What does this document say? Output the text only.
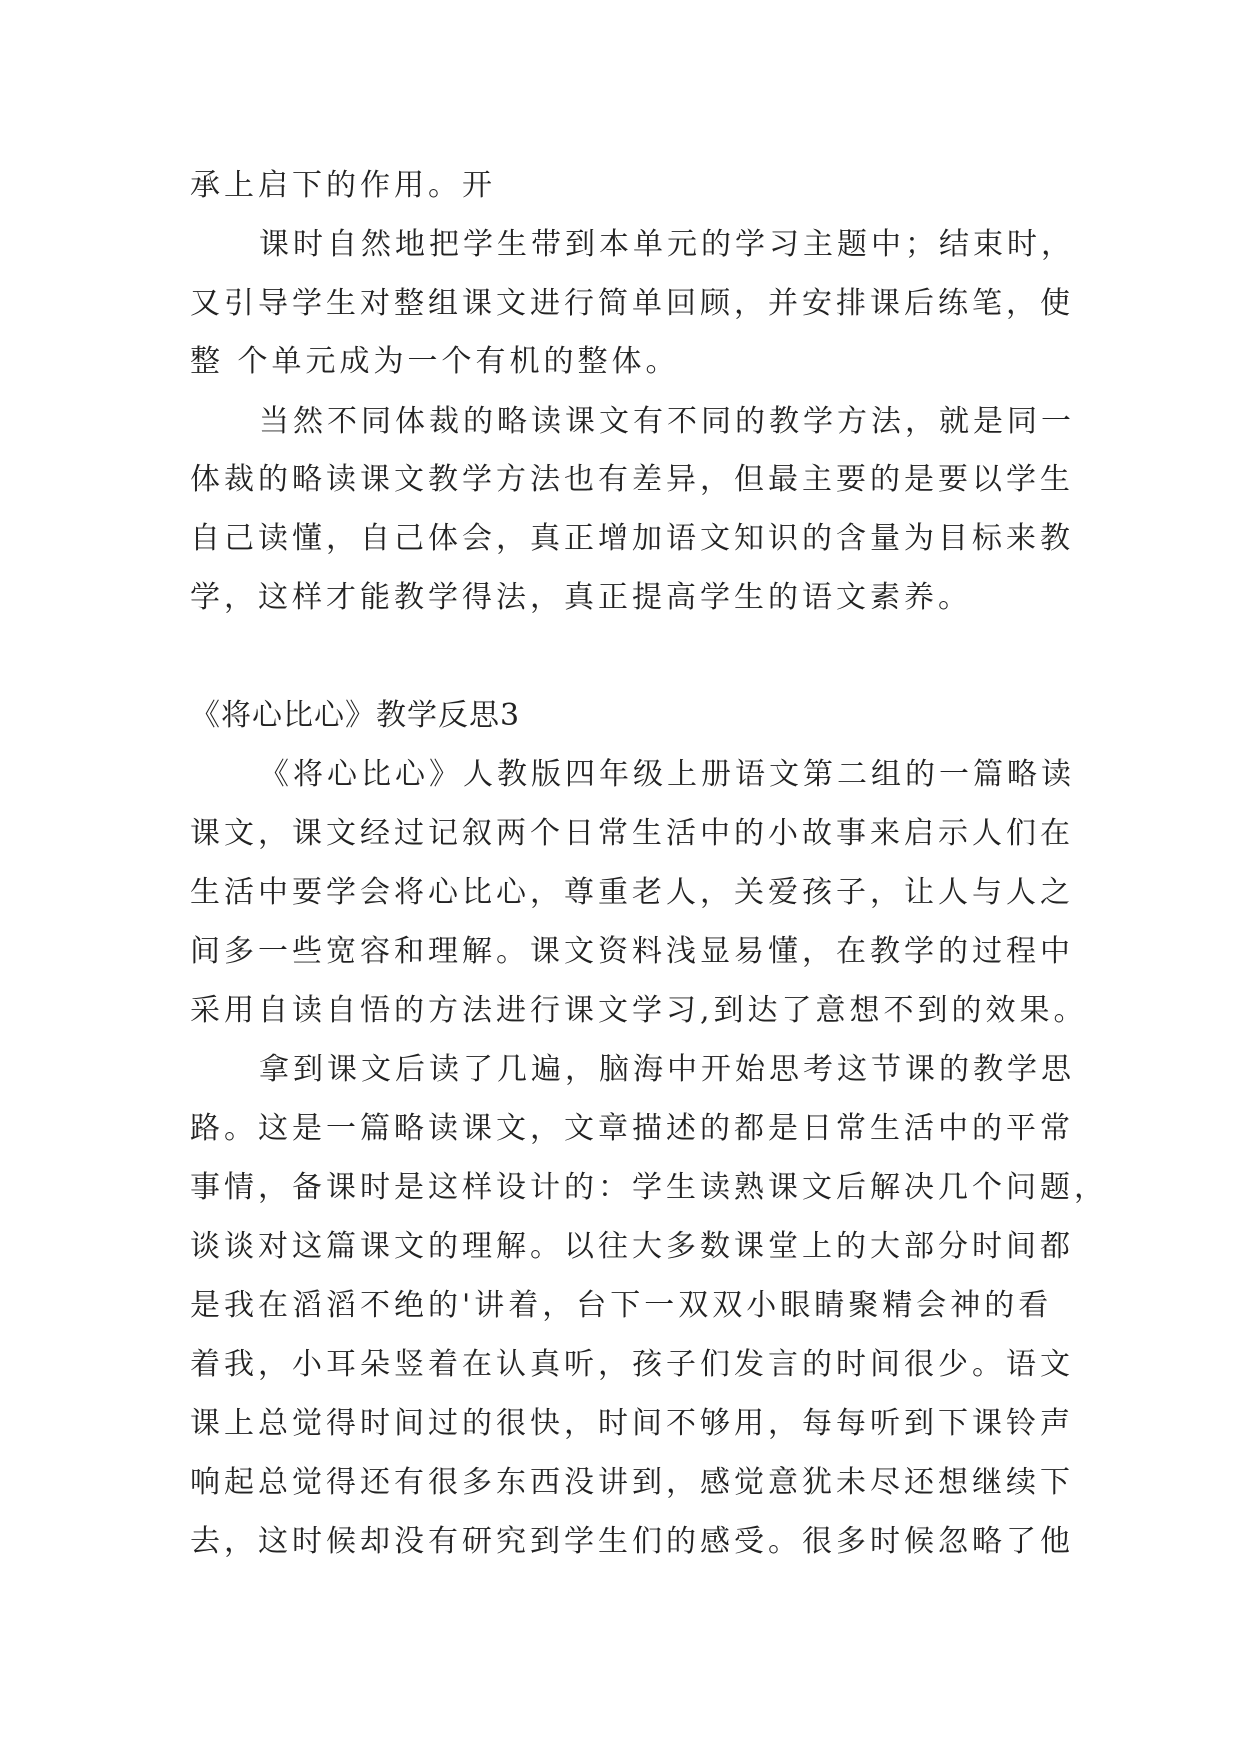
承上启下的作用。开

课时自然地把学生带到本单元的学习主题中；结束时，

又引导学生对整组课文进行简单回顾，并安排课后练笔，使

整 个单元成为一个有机的整体。

当然不同体裁的略读课文有不同的教学方法，就是同一

体裁的略读课文教学方法也有差异，但最主要的是要以学生

自己读懂，自己体会，真正增加语文知识的含量为目标来教

学，这样才能教学得法，真正提高学生的语文素养。

《将心比心》教学反思3

《将心比心》人教版四年级上册语文第二组的一篇略读

课文，课文经过记叙两个日常生活中的小故事来启示人们在

生活中要学会将心比心，尊重老人，关爱孩子，让人与人之

间多一些宽容和理解。课文资料浅显易懂，在教学的过程中

采用自读自悟的方法进行课文学习,到达了意想不到的效果。

拿到课文后读了几遍，脑海中开始思考这节课的教学思

路。这是一篇略读课文，文章描述的都是日常生活中的平常

事情，备课时是这样设计的：学生读熟课文后解决几个问题，

谈谈对这篇课文的理解。以往大多数课堂上的大部分时间都

是我在滔滔不绝的'讲着，台下一双双小眼睛聚精会神的看

着我，小耳朵竖着在认真听，孩子们发言的时间很少。语文

课上总觉得时间过的很快，时间不够用，每每听到下课铃声

响起总觉得还有很多东西没讲到，感觉意犹未尽还想继续下

去，这时候却没有研究到学生们的感受。很多时候忽略了他
